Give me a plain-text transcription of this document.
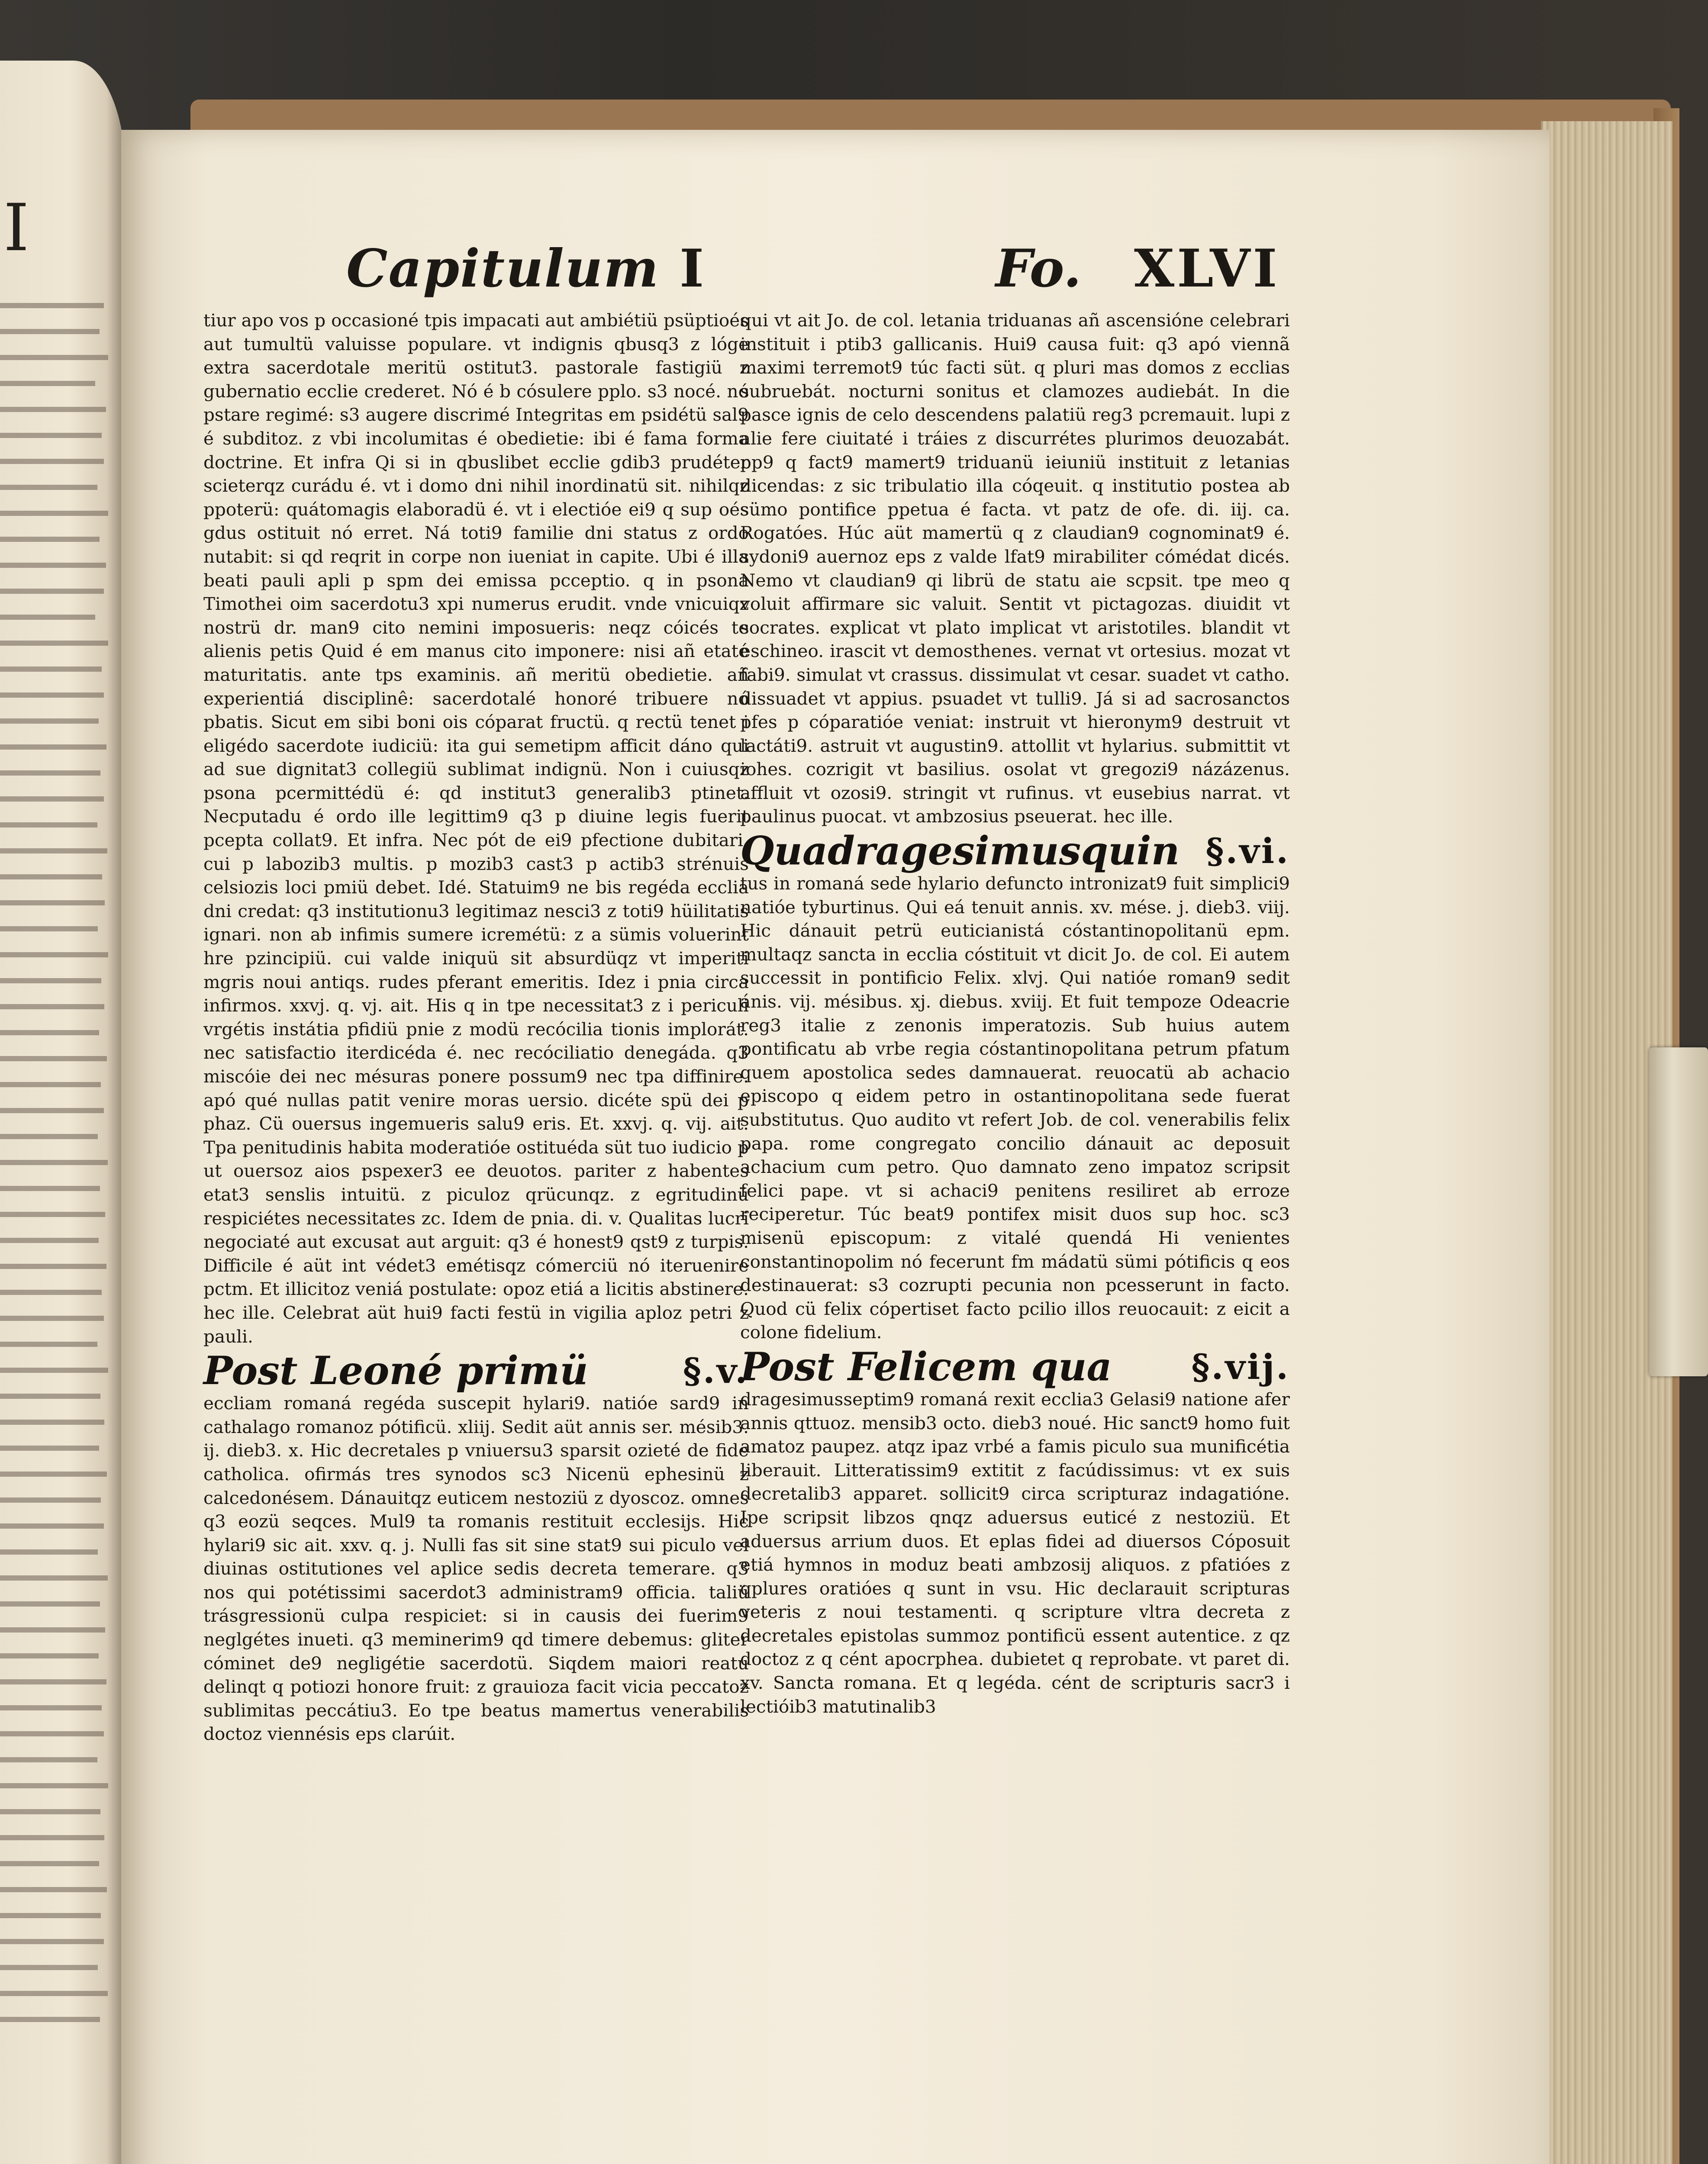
I
Capitulum I	Fo. XLVI

tiur apo vos p occasioné tpis impacati aut ambiétiü psüptioés aut tumultü valuisse populare. vt indignis qbusq3 z lóge extra sacerdotale meritü ostitut3. pastorale fastigiü z gubernatio ecclie crederet. Nó é b cósulere pplo. s3 nocé. nó pstare regimé: s3 augere discrimé Integritas em psidétü sal9 é subditoz. z vbi incolumitas é obedietie: ibi é fama forma doctrine. Et infra Qi si in qbuslibet ecclie gdib3 prudéter scieterqz curádu é. vt i domo dni nihil inordinatü sit. nihilqz ppoterü: quátomagis elaboradü é. vt i electióe ei9 q sup oés gdus ostituit nó erret. Ná toti9 familie dni status z ordo nutabit: si qd reqrit in corpe non iueniat in capite. Ubi é illa beati pauli apli p spm dei emissa pcceptio. q in psona Timothei oim sacerdotu3 xpi numerus erudit. vnde vnicuiqz nostrü dr. man9 cito nemini imposueris: neqz cóicés te alienis petis Quid é em manus cito imponere: nisi añ etaté maturitatis. ante tps examinis. añ meritü obedietie. añ experientiá disciplinê: sacerdotalé honoré tribuere nó pbatis. Sicut em sibi boni ois cóparat fructü. q rectü tenet i eligédo sacerdote iudiciü: ita gui semetipm afficit dáno qui ad sue dignitat3 collegiü sublimat indignü. Non i cuiusqz psona pcermittédü é: qd institut3 generalib3 ptinet. Necputadu é ordo ille legittim9 q3 p diuine legis fuerit pcepta collat9. Et infra. Nec pót de ei9 pfectione dubitari. cui p labozib3 multis. p mozib3 cast3 p actib3 strénuis celsiozis loci pmiü debet. Idé. Statuim9 ne bis regéda ecclia dni credat: q3 institutionu3 legitimaz nesci3 z toti9 hüilitatis ignari. non ab infimis sumere icremétü: z a sümis voluerint hre pzincipiü. cui valde iniquü sit absurdüqz vt imperiti mgris noui antiqs. rudes pferant emeritis. Idez i pnia circa infirmos. xxvj. q. vj. ait. His q in tpe necessitat3 z i periculi vrgétis instátia pfidiü pnie z modü recócilia tionis implorát. nec satisfactio iterdicéda é. nec recóciliatio denegáda. q3 miscóie dei nec mésuras ponere possum9 nec tpa diffinire. apó qué nullas patit venire moras uersio. dicéte spü dei p phaz. Cü ouersus ingemueris salu9 eris. Et. xxvj. q. vij. ait. Tpa penitudinis habita moderatióe ostituéda süt tuo iudicio p ut ouersoz aios pspexer3 ee deuotos. pariter z habentes etat3 senslis intuitü. z piculoz qrücunqz. z egritudinü respiciétes necessitates zc. Idem de pnia. di. v. Qualitas lucri negociaté aut excusat aut arguit: q3 é honest9 qst9 z turpis. Difficile é aüt int védet3 emétisqz cómerciü nó iteruenire pctm. Et illicitoz veniá postulate: opoz etiá a licitis abstinere. hec ille. Celebrat aüt hui9 facti festü in vigilia aploz petri z pauli.

Post Leoné primü	§.v.

eccliam romaná regéda suscepit hylari9. natióe sard9 in cathalago romanoz pótificü. xliij. Sedit aüt annis ser. mésib3. ij. dieb3. x. Hic decretales p vniuersu3 sparsit ozieté de fide catholica. ofirmás tres synodos sc3 Nicenü ephesinü z calcedonésem. Dánauitqz euticem nestoziü z dyoscoz. omnes q3 eozü seqces. Mul9 ta romanis restituit ecclesijs. Hic hylari9 sic ait. xxv. q. j. Nulli fas sit sine stat9 sui piculo vel diuinas ostitutiones vel aplice sedis decreta temerare. q3 nos qui potétissimi sacerdot3 administram9 officia. taliü trásgressionü culpa respiciet: si in causis dei fuerim9 neglgétes inueti. q3 meminerim9 qd timere debemus: gliter cóminet de9 negligétie sacerdotü. Siqdem maiori reatu delinqt q potiozi honore fruit: z grauioza facit vicia peccatoz sublimitas peccátiu3. Eo tpe beatus mamertus venerabilis doctoz viennésis eps clarúit.

qui vt ait Jo. de col. letania triduanas añ ascensióne celebrari instituit i ptib3 gallicanis. Hui9 causa fuit: q3 apó viennã maximi terremot9 túc facti süt. q pluri mas domos z ecclias subruebát. nocturni sonitus et clamozes audiebát. In die pasce ignis de celo descendens palatiü reg3 pcremauit. lupi z alie fere ciuitaté i tráies z discurrétes plurimos deuozabát. pp9 q fact9 mamert9 triduanü ieiuniü instituit z letanias dicendas: z sic tribulatio illa cóqeuit. q institutio postea ab sümo pontifice ppetua é facta. vt patz de ofe. di. iij. ca. Rogatóes. Húc aüt mamertü q z claudian9 cognominat9 é. sydoni9 auernoz eps z valde lfat9 mirabiliter cómédat dicés. Nemo vt claudian9 qi librü de statu aie scpsit. tpe meo q voluit affirmare sic valuit. Sentit vt pictagozas. diuidit vt socrates. explicat vt plato implicat vt aristotiles. blandit vt eschineo. irascit vt demosthenes. vernat vt ortesius. mozat vt fabi9. simulat vt crassus. dissimulat vt cesar. suadet vt catho. dissuadet vt appius. psuadet vt tulli9. Já si ad sacrosanctos pfes p cóparatióe veniat: instruit vt hieronym9 destruit vt lactáti9. astruit vt augustin9. attollit vt hylarius. submittit vt iohes. cozrigit vt basilius. osolat vt gregozi9 názázenus. affluit vt ozosi9. stringit vt rufinus. vt eusebius narrat. vt paulinus puocat. vt ambzosius pseuerat. hec ille.

Quadragesimusquin §.vi.

tus in romaná sede hylario defuncto intronizat9 fuit simplici9 natióe tyburtinus. Qui eá tenuit annis. xv. mése. j. dieb3. viij. Hic dánauit petrü euticianistá cóstantinopolitanü epm. multaqz sancta in ecclia cóstituit vt dicit Jo. de col. Ei autem successit in pontificio Felix. xlvj. Qui natióe roman9 sedit ánis. vij. mésibus. xj. diebus. xviij. Et fuit tempoze Odeacrie reg3 italie z zenonis imperatozis. Sub huius autem pontificatu ab vrbe regia cóstantinopolitana petrum pfatum quem apostolica sedes damnauerat. reuocatü ab achacio episcopo q eidem petro in ostantinopolitana sede fuerat substitutus. Quo audito vt refert Job. de col. venerabilis felix papa. rome congregato concilio dánauit ac deposuit achacium cum petro. Quo damnato zeno impatoz scripsit felici pape. vt si achaci9 penitens resiliret ab erroze reciperetur. Túc beat9 pontifex misit duos sup hoc. sc3 misenü episcopum: z vitalé quendá Hi venientes constantinopolim nó fecerunt fm mádatü sümi pótificis q eos destinauerat: s3 cozrupti pecunia non pcesserunt in facto. Quod cü felix cópertiset facto pcilio illos reuocauit: z eicit a colone fidelium.

Post Felicem qua §.vij.

dragesimusseptim9 romaná rexit ecclia3 Gelasi9 natione afer annis qttuoz. mensib3 octo. dieb3 noué. Hic sanct9 homo fuit amatoz paupez. atqz ipaz vrbé a famis piculo sua munificétia liberauit. Litteratissim9 extitit z facúdissimus: vt ex suis decretalib3 apparet. sollicit9 circa scripturaz indagatióne. Ipe scripsit libzos qnqz aduersus euticé z nestoziü. Et aduersus arrium duos. Et eplas fidei ad diuersos Cóposuit etiá hymnos in moduz beati ambzosij aliquos. z pfatióes z qplures oratióes q sunt in vsu. Hic declarauit scripturas veteris z noui testamenti. q scripture vltra decreta z decretales epistolas summoz pontificü essent autentice. z qz doctoz z q cént apocrphea. dubietet q reprobate. vt paret di. xv. Sancta romana. Et q legéda. cént de scripturis sacr3 i lectióib3 matutinalib3
